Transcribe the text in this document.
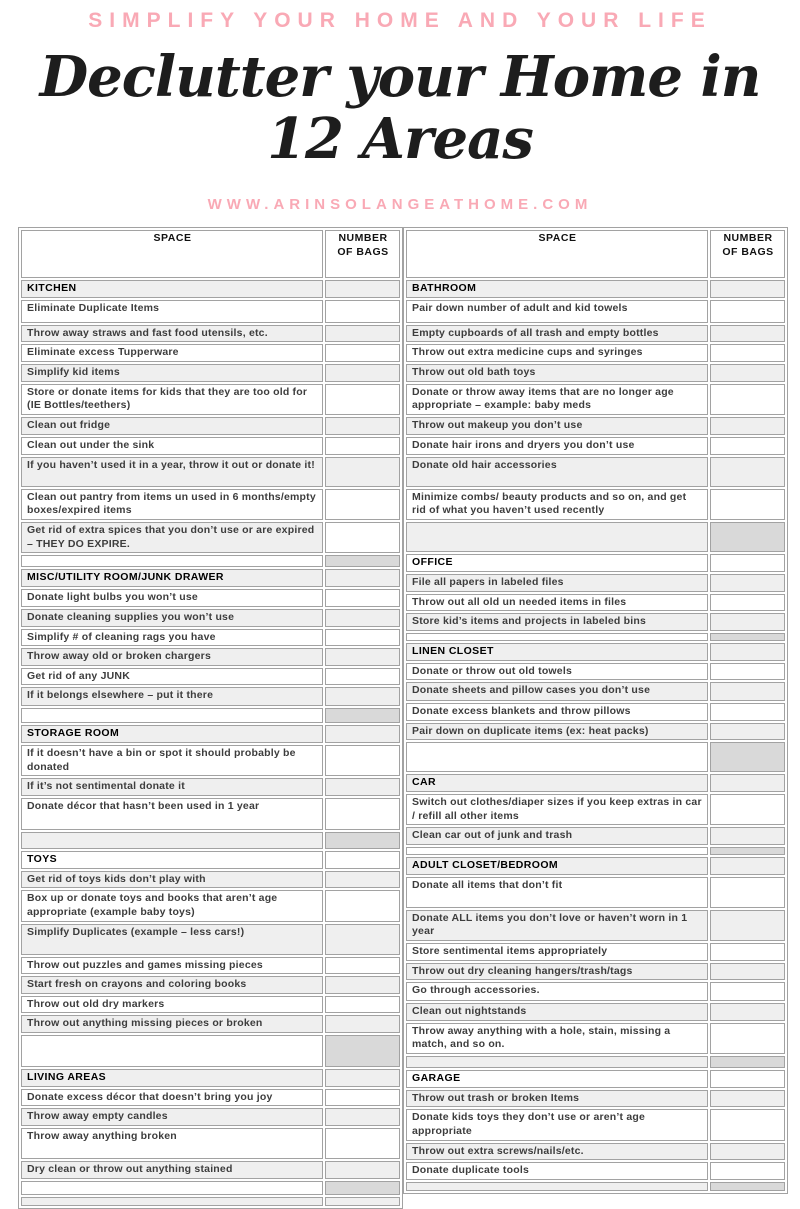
SIMPLIFY YOUR HOME AND YOUR LIFE
Declutter your Home in 12 Areas
WWW.ARINSOLANGEATHOME.COM
SPACE	NUMBER OF BAGS
KITCHEN	
Eliminate Duplicate Items	
Throw away straws and fast food utensils, etc.	
Eliminate excess Tupperware	
Simplify kid items	
Store or donate items for kids that they are too old for (IE Bottles/teethers)	
Clean out fridge	
Clean out under the sink	
If you haven’t used it in a year, throw it out or donate it!	
Clean out pantry from items un used in 6 months/empty boxes/expired items	
Get rid of extra spices that you don’t use or are expired – THEY DO EXPIRE.	

MISC/UTILITY ROOM/JUNK DRAWER	
Donate light bulbs you won’t use	
Donate cleaning supplies you won’t use	
Simplify # of cleaning rags you have	
Throw away old or broken chargers	
Get rid of any JUNK	
If it belongs elsewhere – put it there	

STORAGE ROOM	
If it doesn’t have a bin or spot it should probably be donated	
If it’s not sentimental donate it	
Donate décor that hasn’t been used in 1 year	

TOYS	
Get rid of toys kids don’t play with	
Box up or donate toys and books that aren’t age appropriate (example baby toys)	
Simplify Duplicates (example – less cars!)	
Throw out puzzles and games missing pieces	
Start fresh on crayons and coloring books	
Throw out old dry markers	
Throw out anything missing pieces or broken	

LIVING AREAS	
Donate excess décor that doesn’t bring you joy	
Throw away empty candles	
Throw away anything broken	
Dry clean or throw out anything stained	

SPACE	NUMBER OF BAGS
BATHROOM	
Pair down number of adult and kid towels	
Empty cupboards of all trash and empty bottles	
Throw out extra medicine cups and syringes	
Throw out old bath toys	
Donate or throw away items that are no longer age appropriate – example: baby meds	
Throw out makeup you don’t use	
Donate hair irons and dryers you don’t use	
Donate old hair accessories	
Minimize combs/ beauty products and so on, and get rid of what you haven’t used recently	

OFFICE	
File all papers in labeled files	
Throw out all old un needed items in files	
Store kid’s items and projects in labeled bins	

LINEN CLOSET	
Donate or throw out old towels	
Donate sheets and pillow cases you don’t use	
Donate excess blankets and throw pillows	
Pair down on duplicate items (ex: heat packs)	

CAR	
Switch out clothes/diaper sizes if you keep extras in car / refill all other items	
Clean car out of junk and trash	

ADULT CLOSET/BEDROOM	
Donate all items that don’t fit	
Donate ALL items you don’t love or haven’t worn in 1 year	
Store sentimental items appropriately	
Throw out dry cleaning hangers/trash/tags	
Go through accessories.	
Clean out nightstands	
Throw away anything with a hole, stain, missing a match, and so on.	

GARAGE	
Throw out trash or broken Items	
Donate kids toys they don’t use or aren’t age appropriate	
Throw out extra screws/nails/etc.	
Donate duplicate tools	
